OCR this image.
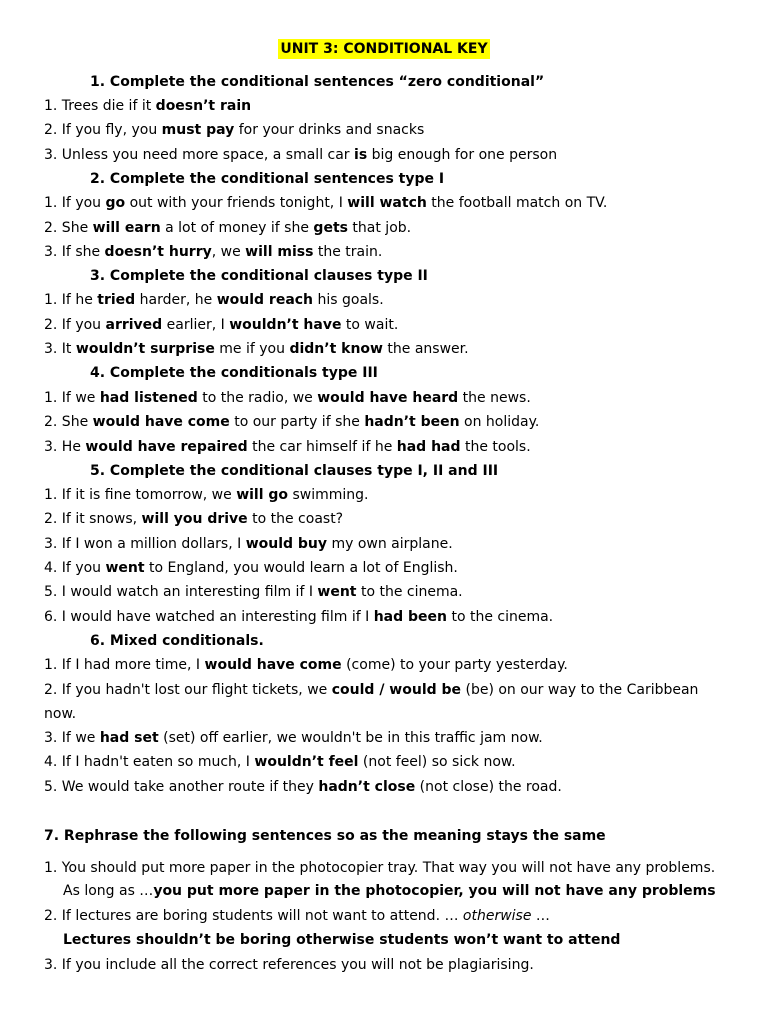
UNIT 3: CONDITIONAL KEY
1. Complete the conditional sentences “zero conditional”
1. Trees die if it doesn’t rain
2. If you fly, you must pay for your drinks and snacks
3. Unless you need more space, a small car is big enough for one person
2. Complete the conditional sentences type I
1. If you go out with your friends tonight, I will watch the football match on TV.
2. She will earn a lot of money if she gets that job.
3. If she doesn’t hurry, we will miss the train.
3. Complete the conditional clauses type II
1. If he tried harder, he would reach his goals.
2. If you arrived earlier, I wouldn’t have to wait.
3. It wouldn’t surprise me if you didn’t know the answer.
4. Complete the conditionals type III
1. If we had listened to the radio, we would have heard the news.
2. She would have come to our party if she hadn’t been on holiday.
3. He would have repaired the car himself if he had had the tools.
5. Complete the conditional clauses type I, II and III
1. If it is fine tomorrow, we will go swimming.
2. If it snows, will you drive to the coast?
3. If I won a million dollars, I would buy my own airplane.
4. If you went to England, you would learn a lot of English.
5. I would watch an interesting film if I went to the cinema.
6. I would have watched an interesting film if I had been to the cinema.
6. Mixed conditionals.
1. If I had more time, I would have come (come) to your party yesterday.
2. If you hadn't lost our flight tickets, we could / would be (be) on our way to the Caribbean
now.
3. If we had set (set) off earlier, we wouldn't be in this traffic jam now.
4. If I hadn't eaten so much, I wouldn’t feel (not feel) so sick now.
5. We would take another route if they hadn’t close (not close) the road.
7. Rephrase the following sentences so as the meaning stays the same
1. You should put more paper in the photocopier tray. That way you will not have any problems.
As long as …you put more paper in the photocopier, you will not have any problems
2. If lectures are boring students will not want to attend. … otherwise …
Lectures shouldn’t be boring otherwise students won’t want to attend
3. If you include all the correct references you will not be plagiarising.
